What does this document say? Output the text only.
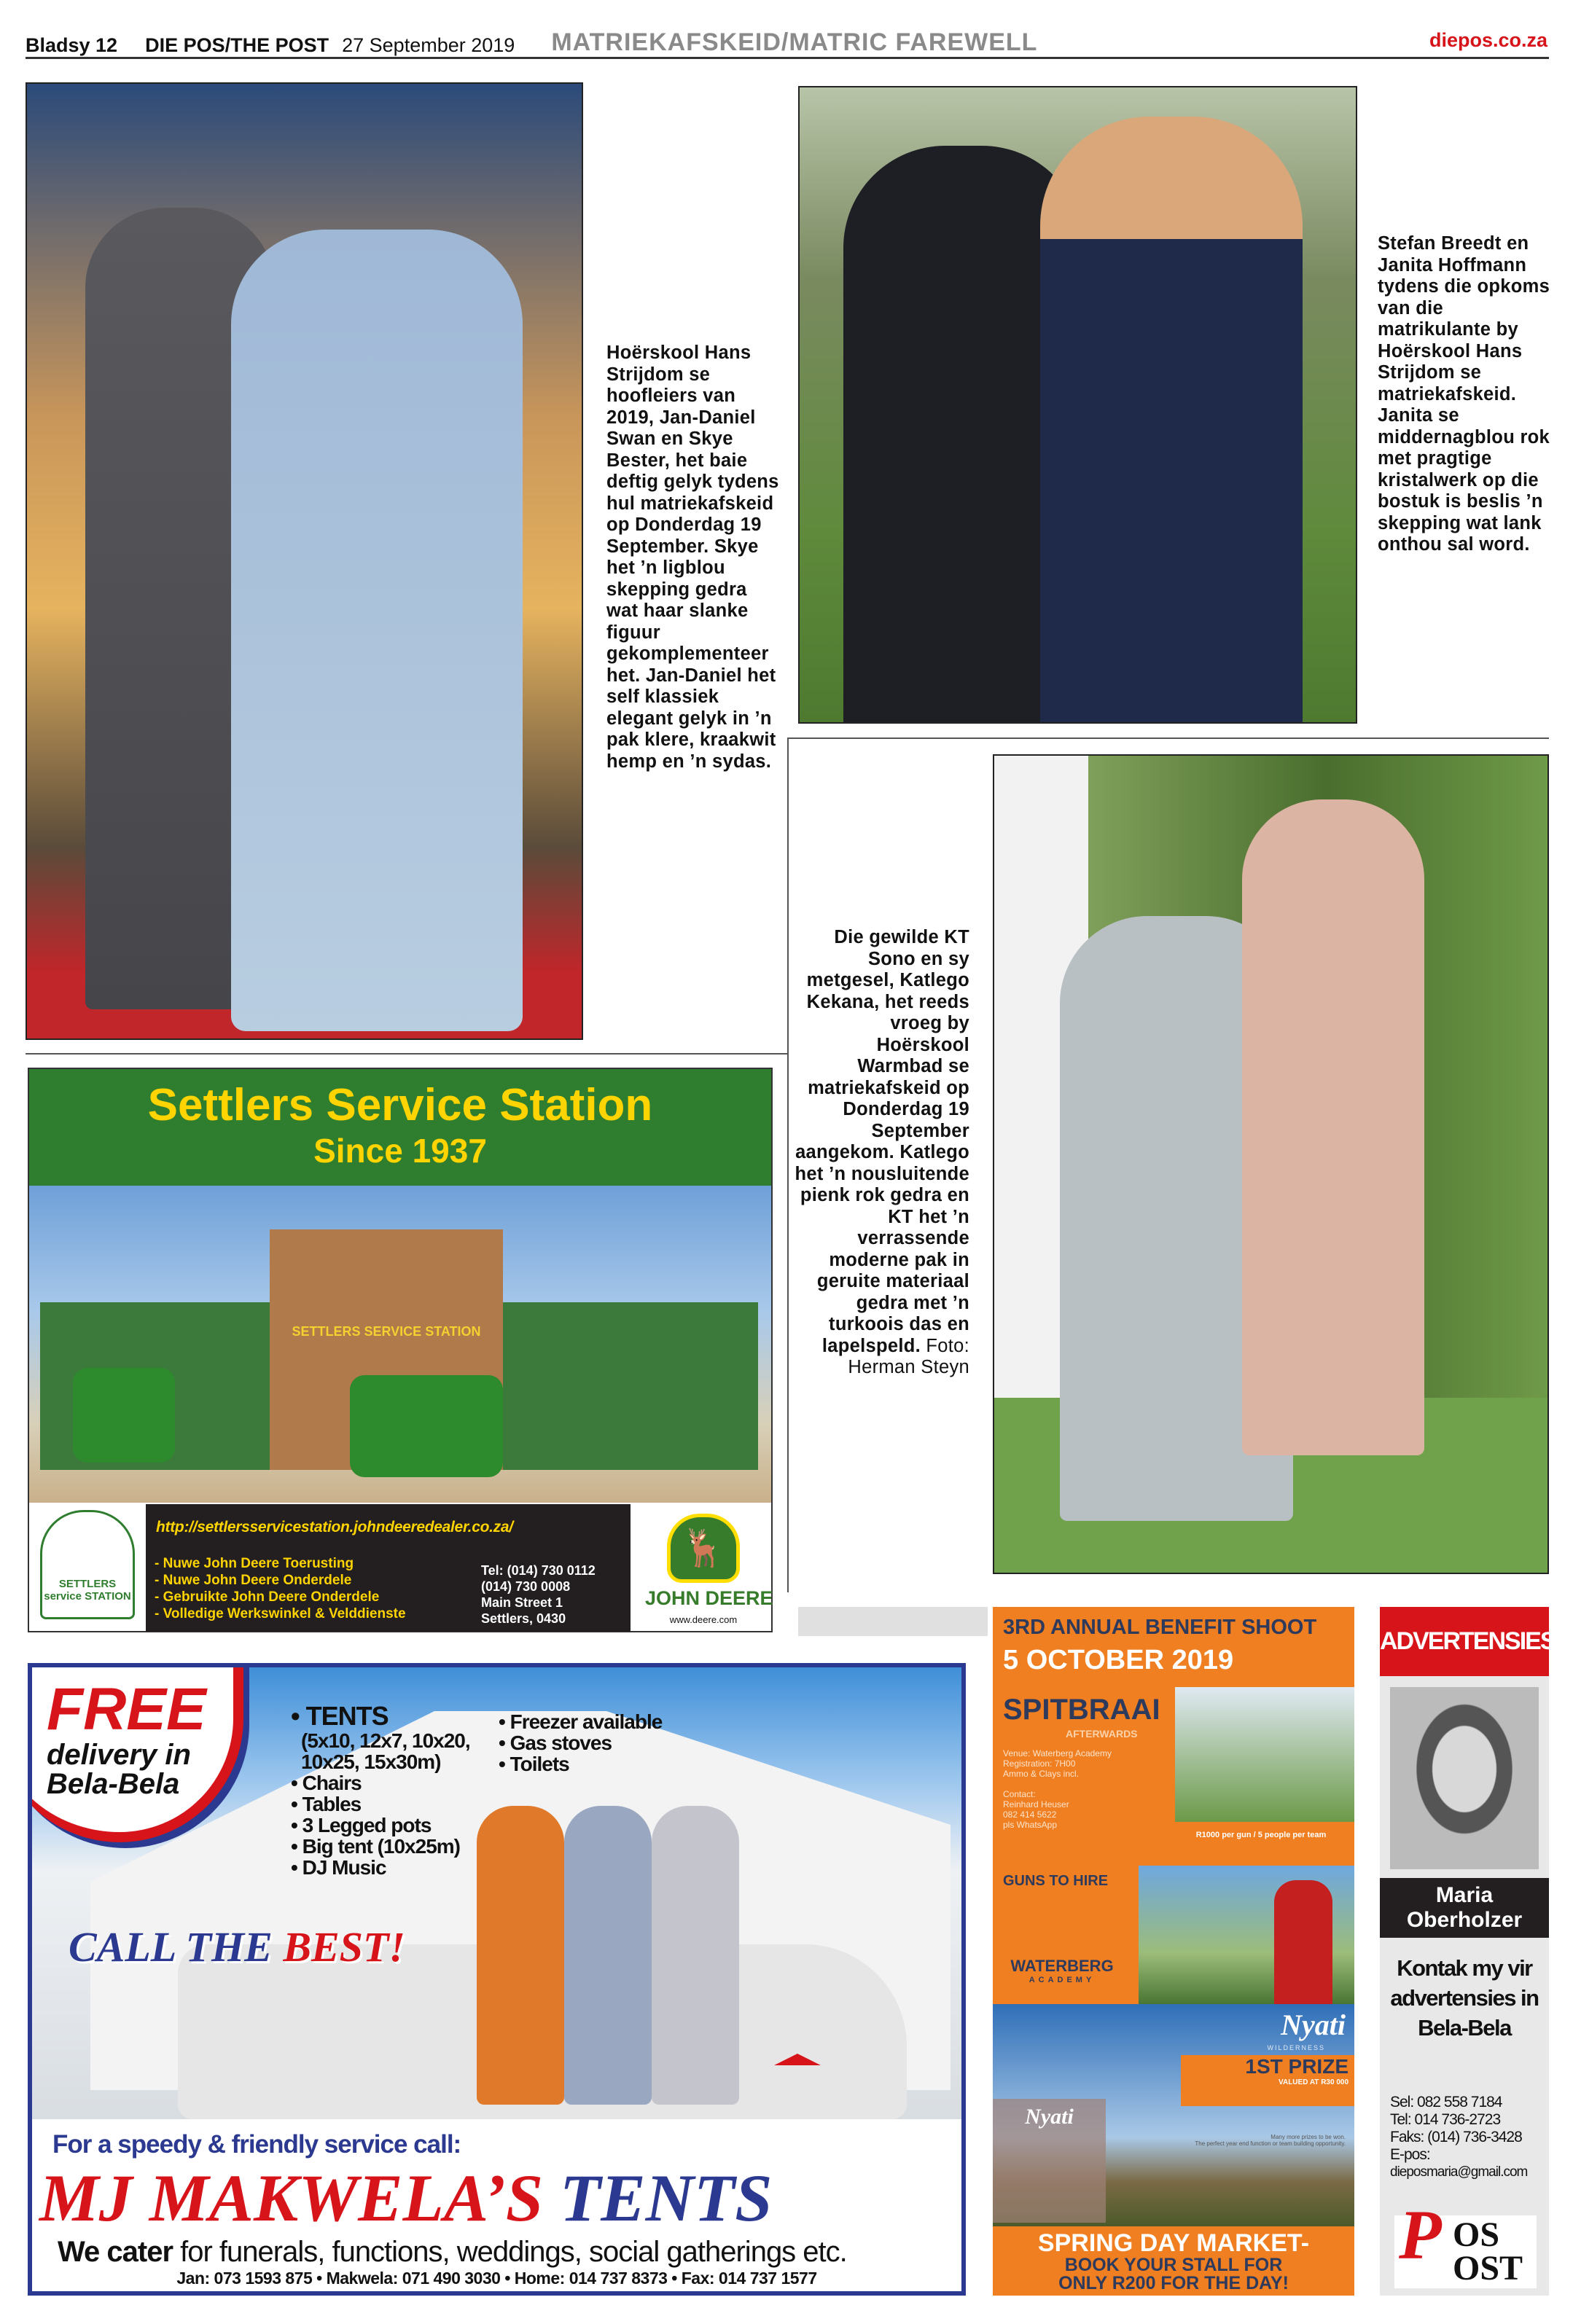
Bladsy 12 DIE POS/THE POST 27 September 2019 MATRIEKAFSKEID/MATRIC FAREWELL	diepos.co.za
Hoërskool Hans Strijdom se hoofleiers van 2019, Jan-Daniel Swan en Skye Bester, het baie deftig gelyk tydens hul matriekafskeid op Donderdag 19 September. Skye het ’n ligblou skepping gedra wat haar slanke figuur gekomplementeer het. Jan-Daniel het self klassiek elegant gelyk in ’n pak klere, kraakwit hemp en ’n sydas.
Stefan Breedt en Janita Hoffmann tydens die opkoms van die matrikulante by Hoërskool Hans Strijdom se matriekafskeid. Janita se middernagblou rok met pragtige kristalwerk op die bostuk is beslis ’n skepping wat lank onthou sal word.
Die gewilde KT Sono en sy metgesel, Katlego Kekana, het reeds vroeg by Hoërskool Warmbad se matriekafskeid op Donderdag 19 September aangekom. Katlego het ’n nousluitende pienk rok gedra en KT het ’n verrassende moderne pak in geruite materiaal gedra met ’n turkoois das en lapelspeld. Foto: Herman Steyn
Settlers Service Station
Since 1937
SETTLERS SERVICE STATION
SETTLERS service STATION
http://settlersservicestation.johndeeredealer.co.za/
- Nuwe John Deere Toerusting
- Nuwe John Deere Onderdele
- Gebruikte John Deere Onderdele
- Volledige Werkswinkel & Velddienste
Tel: (014) 730 0112
(014) 730 0008
Main Street 1
Settlers, 0430
🦌
JOHN DEERE
www.deere.com
FREE
delivery in Bela-Bela
• TENTS
(5x10, 12x7, 10x20, 10x25, 15x30m)
• Chairs
• Tables
• 3 Legged pots
• Big tent (10x25m)
• DJ Music
• Freezer available
• Gas stoves
• Toilets
CALL THE BEST!
For a speedy & friendly service call:
MJ MAKWELA’S TENTS
We cater for funerals, functions, weddings, social gatherings etc.
Jan: 073 1593 875 • Makwela: 071 490 3030 • Home: 014 737 8373 • Fax: 014 737 1577
3RD ANNUAL BENEFIT SHOOT
5 OCTOBER 2019
R1000 per gun / 5 people per team
SPITBRAAI
AFTERWARDS
Venue: Waterberg Academy
Registration: 7H00
Ammo & Clays incl.
Contact:
Reinhard Heuser
082 414 5622
pls WhatsApp
GUNS TO HIRE
WATERBERG
ACADEMY
Nyati
WILDERNESS
1ST PRIZE
VALUED AT R30 000
Many more prizes to be won.
The perfect year end function or team building opportunity.
Nyati
SPRING DAY MARKET-
BOOK YOUR STALL FOR
ONLY R200 FOR THE DAY!
ADVERTENSIES
Maria Oberholzer
Kontak my vir advertensies in Bela-Bela
Sel: 082 558 7184
Tel: 014 736-2723
Faks: (014) 736-3428
E-pos:
dieposmaria@gmail.com
P OS
OST
